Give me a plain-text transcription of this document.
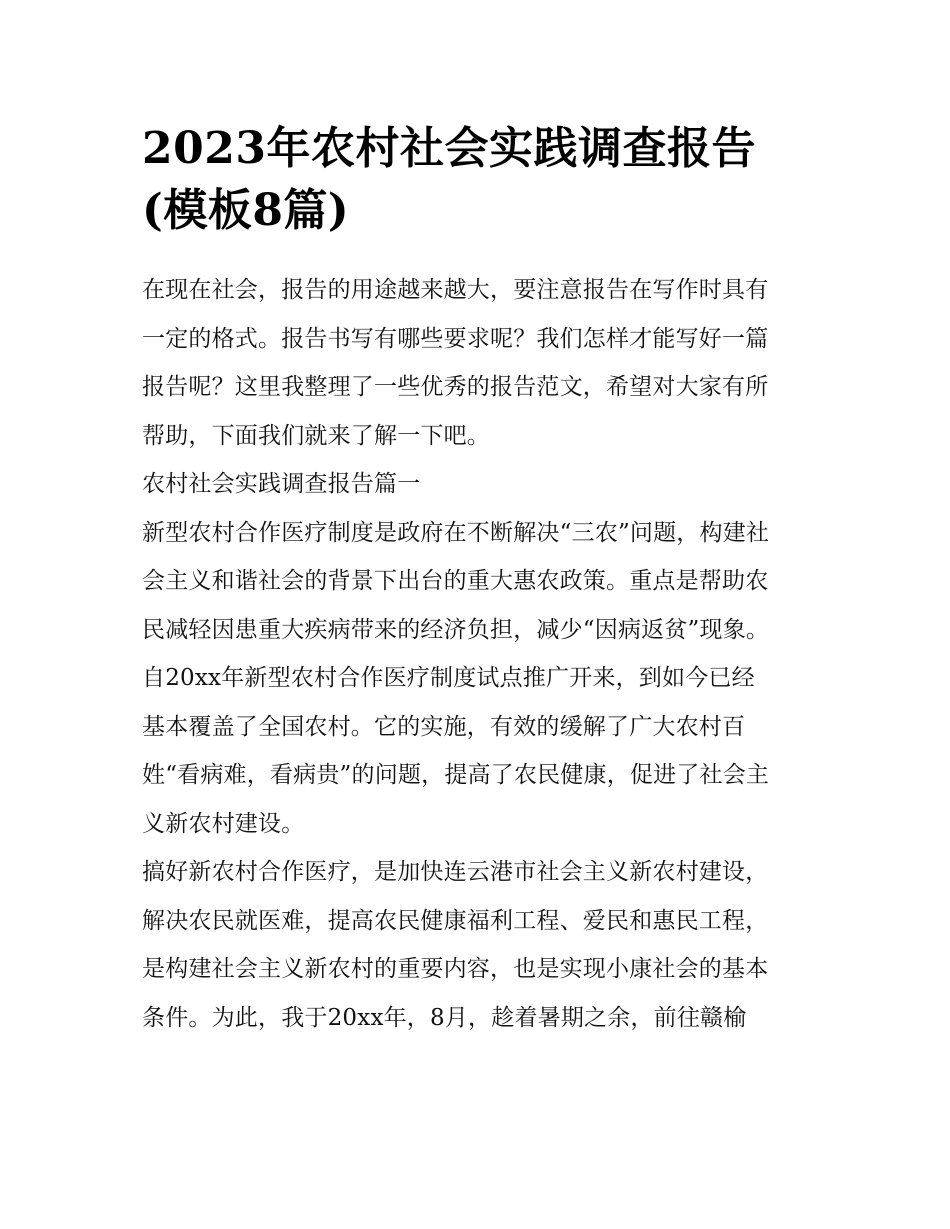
2023年农村社会实践调查报告
(模板8篇)

在现在社会，报告的用途越来越大，要注意报告在写作时具有
一定的格式。报告书写有哪些要求呢？我们怎样才能写好一篇
报告呢？这里我整理了一些优秀的报告范文，希望对大家有所
帮助，下面我们就来了解一下吧。

农村社会实践调查报告篇一

新型农村合作医疗制度是政府在不断解决“三农”问题，构建社
会主义和谐社会的背景下出台的重大惠农政策。重点是帮助农
民减轻因患重大疾病带来的经济负担，减少“因病返贫”现象。
自20xx年新型农村合作医疗制度试点推广开来，到如今已经
基本覆盖了全国农村。它的实施，有效的缓解了广大农村百
姓“看病难，看病贵”的问题，提高了农民健康，促进了社会主
义新农村建设。

搞好新农村合作医疗，是加快连云港市社会主义新农村建设，
解决农民就医难，提高农民健康福利工程、爱民和惠民工程，
是构建社会主义新农村的重要内容，也是实现小康社会的基本
条件。为此，我于20xx年，8月，趁着暑期之余，前往赣榆
